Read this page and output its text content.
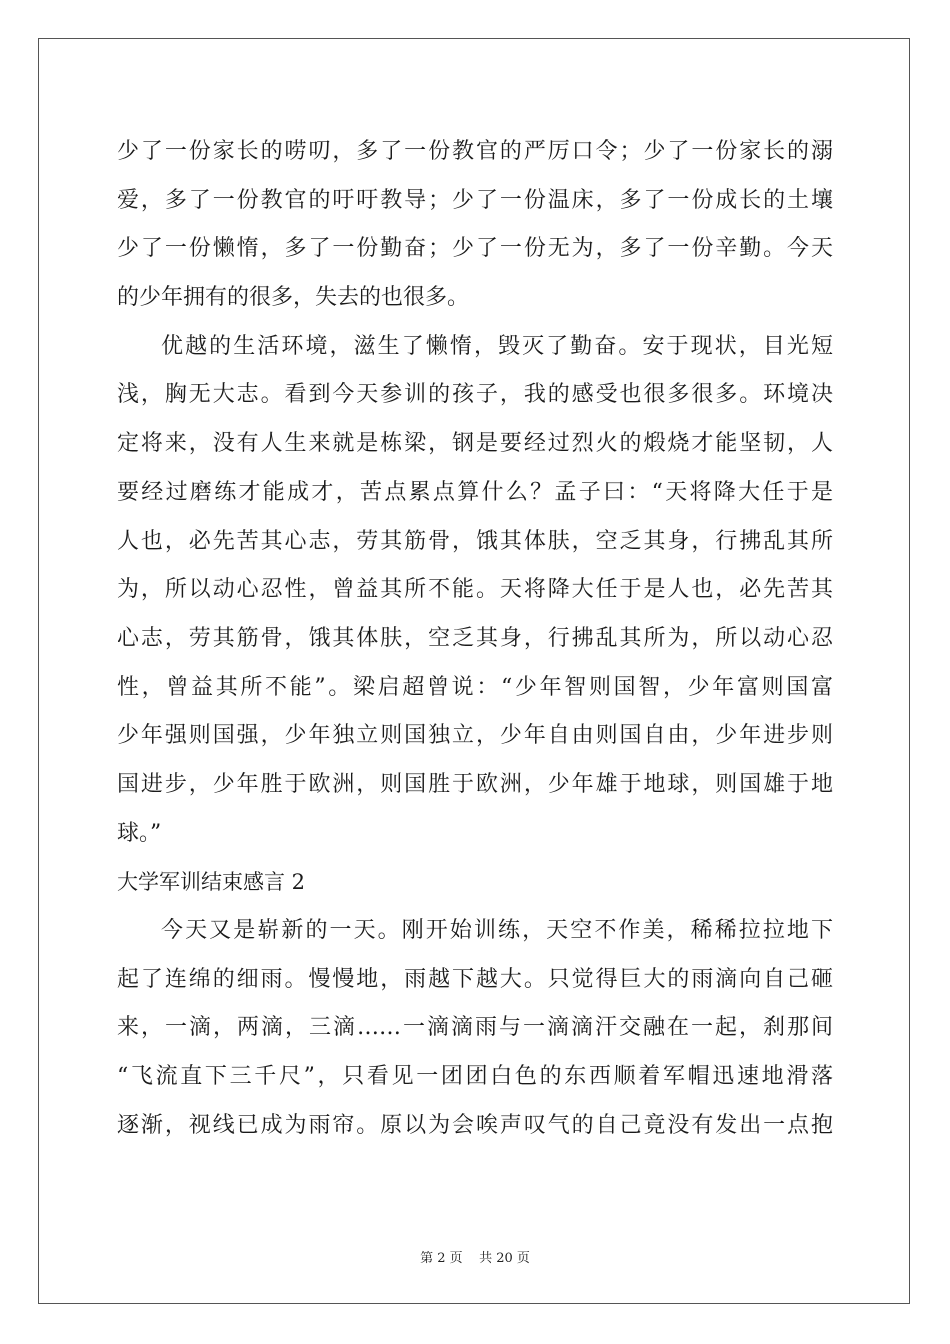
少了一份家长的唠叨，多了一份教官的严厉口令；少了一份家长的溺
爱，多了一份教官的吁吁教导；少了一份温床，多了一份成长的土壤
少了一份懒惰，多了一份勤奋；少了一份无为，多了一份辛勤。今天
的少年拥有的很多，失去的也很多。
优越的生活环境，滋生了懒惰，毁灭了勤奋。安于现状，目光短
浅，胸无大志。看到今天参训的孩子，我的感受也很多很多。环境决
定将来，没有人生来就是栋梁，钢是要经过烈火的煅烧才能坚韧，人
要经过磨练才能成才，苦点累点算什么？孟子曰：“天将降大任于是
人也，必先苦其心志，劳其筋骨，饿其体肤，空乏其身，行拂乱其所
为，所以动心忍性，曾益其所不能。天将降大任于是人也，必先苦其
心志，劳其筋骨，饿其体肤，空乏其身，行拂乱其所为，所以动心忍
性，曾益其所不能”。梁启超曾说：“少年智则国智，少年富则国富
少年强则国强，少年独立则国独立，少年自由则国自由，少年进步则
国进步，少年胜于欧洲，则国胜于欧洲，少年雄于地球，则国雄于地
球。”
大学军训结束感言 2
今天又是崭新的一天。刚开始训练，天空不作美，稀稀拉拉地下
起了连绵的细雨。慢慢地，雨越下越大。只觉得巨大的雨滴向自己砸
来，一滴，两滴，三滴……一滴滴雨与一滴滴汗交融在一起，刹那间
“飞流直下三千尺”，只看见一团团白色的东西顺着军帽迅速地滑落
逐渐，视线已成为雨帘。原以为会唉声叹气的自己竟没有发出一点抱
第 2 页    共 20 页
